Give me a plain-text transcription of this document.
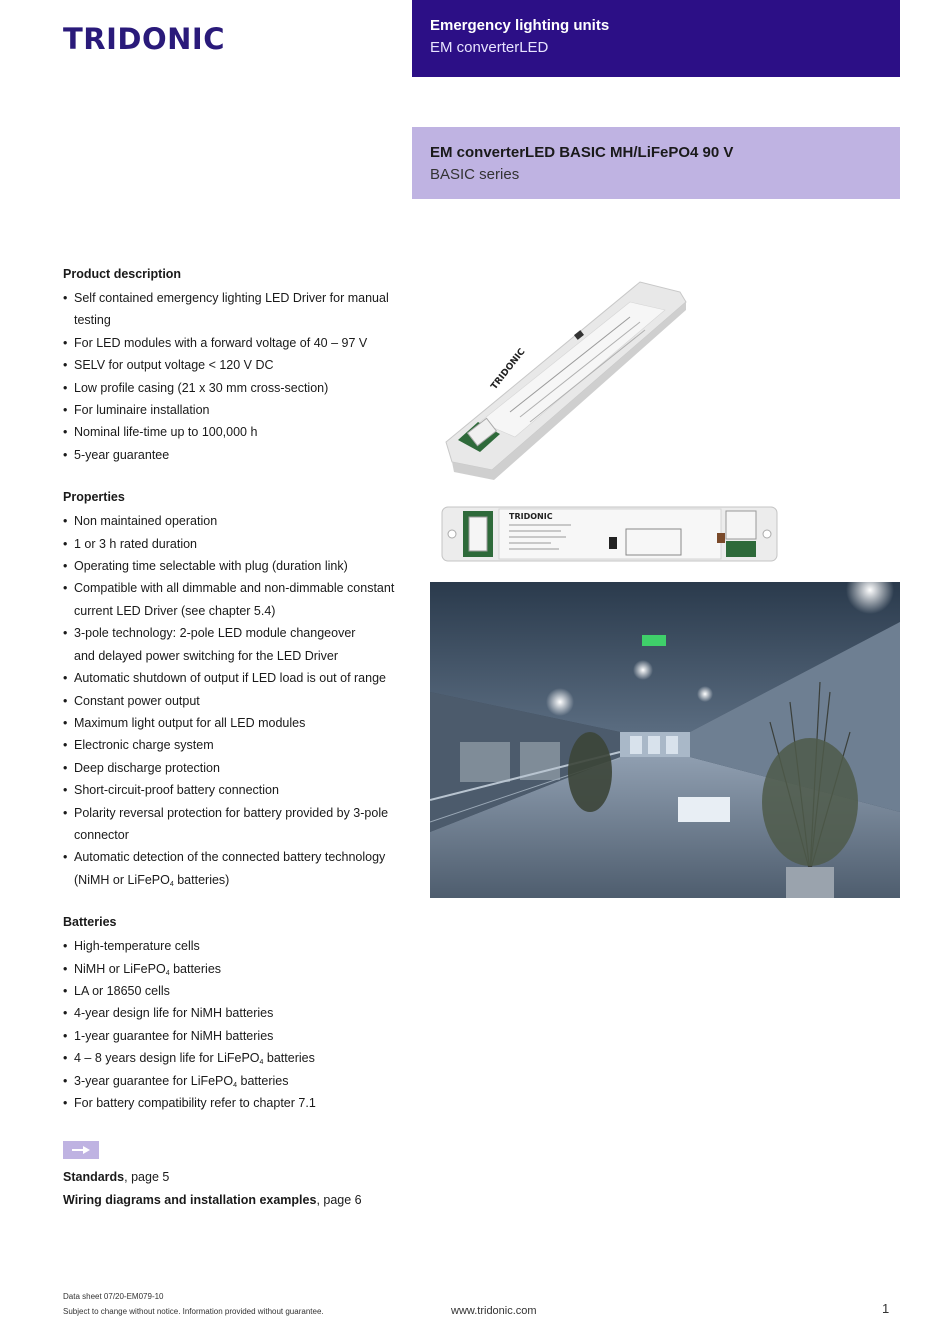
TRIDONIC	Emergency lighting units
EM converterLED
EM converterLED BASIC MH/LiFePO4 90 V
BASIC series
Product description
• Self contained emergency lighting LED Driver for manual testing
• For LED modules with a forward voltage of 40 – 97 V
• SELV for output voltage < 120 V DC
• Low profile casing (21 x 30 mm cross-section)
• For luminaire installation
• Nominal life-time up to 100,000 h
• 5-year guarantee
Properties
• Non maintained operation
• 1 or 3 h rated duration
• Operating time selectable with plug (duration link)
• Compatible with all dimmable and non-dimmable constant
current LED Driver (see chapter 5.4)
• 3-pole technology: 2-pole LED module changeover
and delayed power switching for the LED Driver
• Automatic shutdown of output if LED load is out of range
• Constant power output
• Maximum light output for all LED modules
• Electronic charge system
• Deep discharge protection
• Short-circuit-proof battery connection
• Polarity reversal protection for battery provided by 3-pole
connector
• Automatic detection of the connected battery technology
(NiMH or LiFePO$_4$ batteries)
Batteries
• High-temperature cells
• NiMH or LiFePO$_4$ batteries
• LA or 18650 cells
• 4-year design life for NiMH batteries
• 1-year guarantee for NiMH batteries
• 4 – 8 years design life for LiFePO$_4$ batteries
• 3-year guarantee for LiFePO$_4$ batteries
• For battery compatibility refer to chapter 7.1
Standards, page 5
Wiring diagrams and installation examples, page 6
TRIDONIC
TRIDONIC
Data sheet 07/20-EM079-10
Subject to change without notice. Information provided without guarantee.	www.tridonic.com	1
